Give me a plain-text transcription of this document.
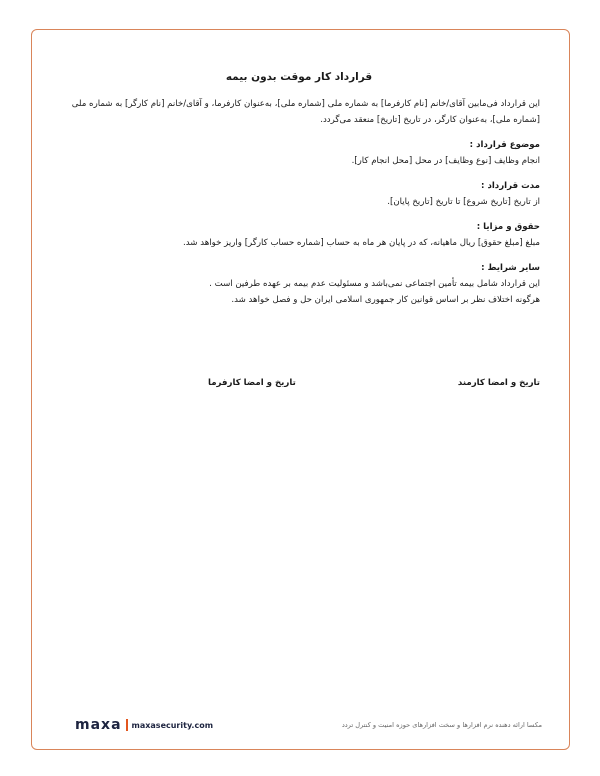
قرارداد کار موقت بدون بیمه

این قرارداد فی‌مابین آقای/خانم [نام کارفرما] به شماره ملی [شماره ملی]، به‌عنوان کارفرما، و آقای/خانم [نام کارگر] به شماره ملی [شماره ملی]، به‌عنوان کارگر، در تاریخ [تاریخ] منعقد می‌گردد.

موضوع قرارداد :

انجام وظایف [نوع وظایف] در محل [محل انجام کار].

مدت قرارداد :

از تاریخ [تاریخ شروع] تا تاریخ [تاریخ پایان].

حقوق و مزایا :

مبلغ [مبلغ حقوق] ریال ماهیانه، که در پایان هر ماه به حساب [شماره حساب کارگر] واریز خواهد شد.

سایر شرایط :

این قرارداد شامل بیمه تأمین اجتماعی نمی‌باشد و مسئولیت عدم بیمه بر عهده طرفین است .

هرگونه اختلاف نظر بر اساس قوانین کار جمهوری اسلامی ایران حل و فصل خواهد شد.

تاریخ و امضا کارمند
تاریخ و امضا کارفرما
maxa maxasecurity.com	مکسا ارائه دهنده نرم افزارها و سخت افزارهای حوزه امنیت و کنترل تردد
